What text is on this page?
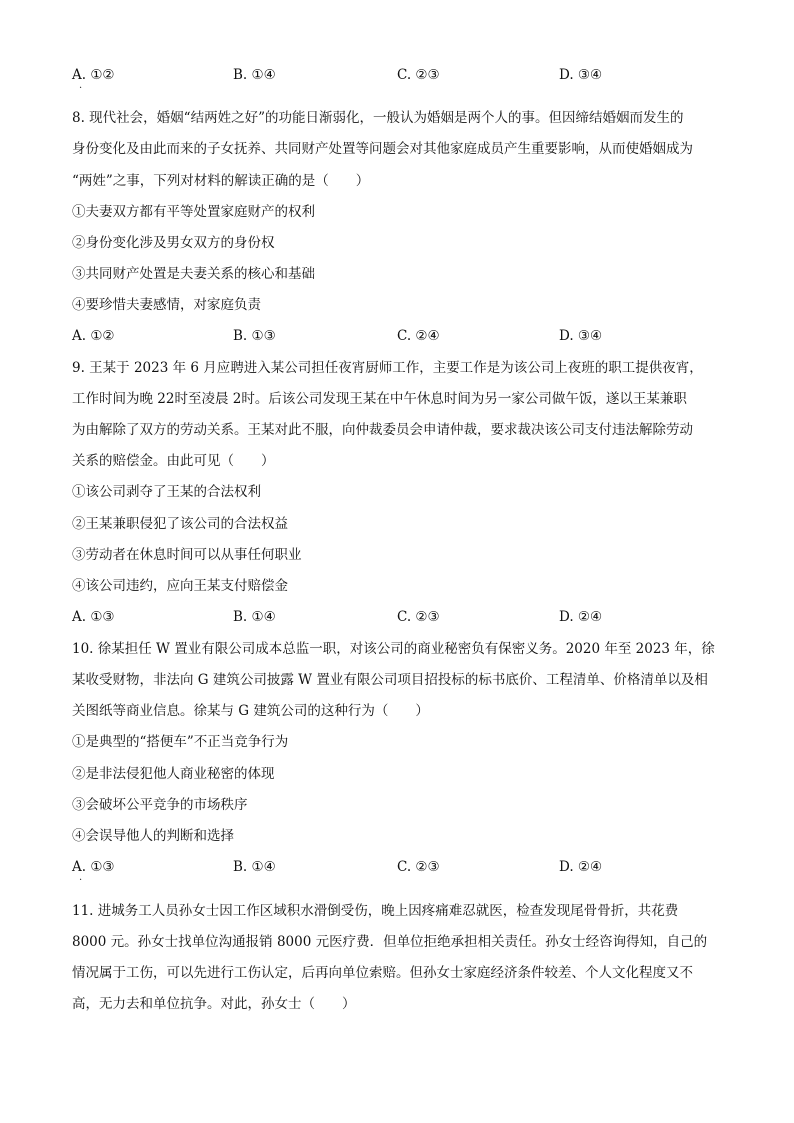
A. ①②	B. ①④	C. ②③	D. ③④
·
8. 现代社会，婚姻“结两姓之好”的功能日渐弱化，一般认为婚姻是两个人的事。但因缔结婚姻而发生的
身份变化及由此而来的子女抚养、共同财产处置等问题会对其他家庭成员产生重要影响，从而使婚姻成为
“两姓”之事，下列对材料的解读正确的是（　　）
①夫妻双方都有平等处置家庭财产的权利
②身份变化涉及男女双方的身份权
③共同财产处置是夫妻关系的核心和基础
④要珍惜夫妻感情，对家庭负责
A. ①②	B. ①③	C. ②④	D. ③④
9. 王某于 2023 年 6 月应聘进入某公司担任夜宵厨师工作，主要工作是为该公司上夜班的职工提供夜宵，
工作时间为晚 22时至凌晨 2时。后该公司发现王某在中午休息时间为另一家公司做午饭，遂以王某兼职
为由解除了双方的劳动关系。王某对此不服，向仲裁委员会申请仲裁，要求裁决该公司支付违法解除劳动
关系的赔偿金。由此可见（　　）
①该公司剥夺了王某的合法权利
②王某兼职侵犯了该公司的合法权益
③劳动者在休息时间可以从事任何职业
④该公司违约，应向王某支付赔偿金
A. ①③	B. ①④	C. ②③	D. ②④
10. 徐某担任 W 置业有限公司成本总监一职，对该公司的商业秘密负有保密义务。2020 年至 2023 年，徐
某收受财物，非法向 G 建筑公司披露 W 置业有限公司项目招投标的标书底价、工程清单、价格清单以及相
关图纸等商业信息。徐某与 G 建筑公司的这种行为（　　）
①是典型的“搭便车”不正当竞争行为
②是非法侵犯他人商业秘密的体现
③会破坏公平竞争的市场秩序
④会误导他人的判断和选择
A. ①③	B. ①④	C. ②③	D. ②④
·
11. 进城务工人员孙女士因工作区域积水滑倒受伤，晚上因疼痛难忍就医，检查发现尾骨骨折，共花费
8000 元。孙女士找单位沟通报销 8000 元医疗费．但单位拒绝承担相关责任。孙女士经咨询得知，自己的
情况属于工伤，可以先进行工伤认定，后再向单位索赔。但孙女士家庭经济条件较差、个人文化程度又不
高，无力去和单位抗争。对此，孙女士（　　）
